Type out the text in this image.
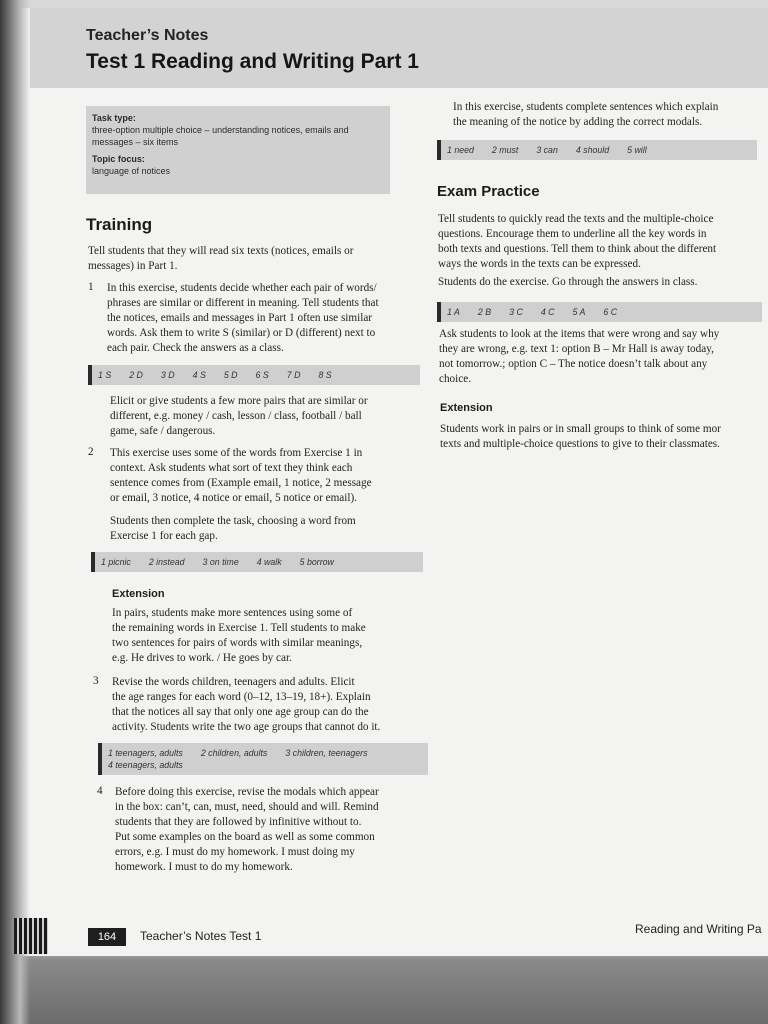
Teacher’s Notes
Test 1 Reading and Writing Part 1
Task type:
three-option multiple choice – understanding notices, emails and
messages – six items
Topic focus:
language of notices
Training
Tell students that they will read six texts (notices, emails or
messages) in Part 1.
1 In this exercise, students decide whether each pair of words/
phrases are similar or different in meaning. Tell students that
the notices, emails and messages in Part 1 often use similar
words. Ask them to write S (similar) or D (different) next to
each pair. Check the answers as a class.
1 S 2 D 3 D 4 S 5 D 6 S 7 D 8 S
Elicit or give students a few more pairs that are similar or
different, e.g. money / cash, lesson / class, football / ball
game, safe / dangerous.
2 This exercise uses some of the words from Exercise 1 in
context. Ask students what sort of text they think each
sentence comes from (Example email, 1 notice, 2 message
or email, 3 notice, 4 notice or email, 5 notice or email).
Students then complete the task, choosing a word from
Exercise 1 for each gap.
1 picnic 2 instead 3 on time 4 walk 5 borrow
Extension
In pairs, students make more sentences using some of
the remaining words in Exercise 1. Tell students to make
two sentences for pairs of words with similar meanings,
e.g. He drives to work. / He goes by car.
3 Revise the words children, teenagers and adults. Elicit
the age ranges for each word (0–12, 13–19, 18+). Explain
that the notices all say that only one age group can do the
activity. Students write the two age groups that cannot do it.
1 teenagers, adults 2 children, adults 3 children, teenagers
4 teenagers, adults
4 Before doing this exercise, revise the modals which appear
in the box: can’t, can, must, need, should and will. Remind
students that they are followed by infinitive without to.
Put some examples on the board as well as some common
errors, e.g. I must do my homework. I must doing my
homework. I must to do my homework.
In this exercise, students complete sentences which explain
the meaning of the notice by adding the correct modals.
1 need 2 must 3 can 4 should 5 will
Exam Practice
Tell students to quickly read the texts and the multiple-choice
questions. Encourage them to underline all the key words in
both texts and questions. Tell them to think about the different
ways the words in the texts can be expressed.
Students do the exercise. Go through the answers in class.
1 A 2 B 3 C 4 C 5 A 6 C
Ask students to look at the items that were wrong and say why
they are wrong, e.g. text 1: option B – Mr Hall is away today,
not tomorrow.; option C – The notice doesn’t talk about any
choice.
Extension
Students work in pairs or in small groups to think of some mor
texts and multiple-choice questions to give to their classmates.
164	Teacher’s Notes Test 1	Reading and Writing Pa
